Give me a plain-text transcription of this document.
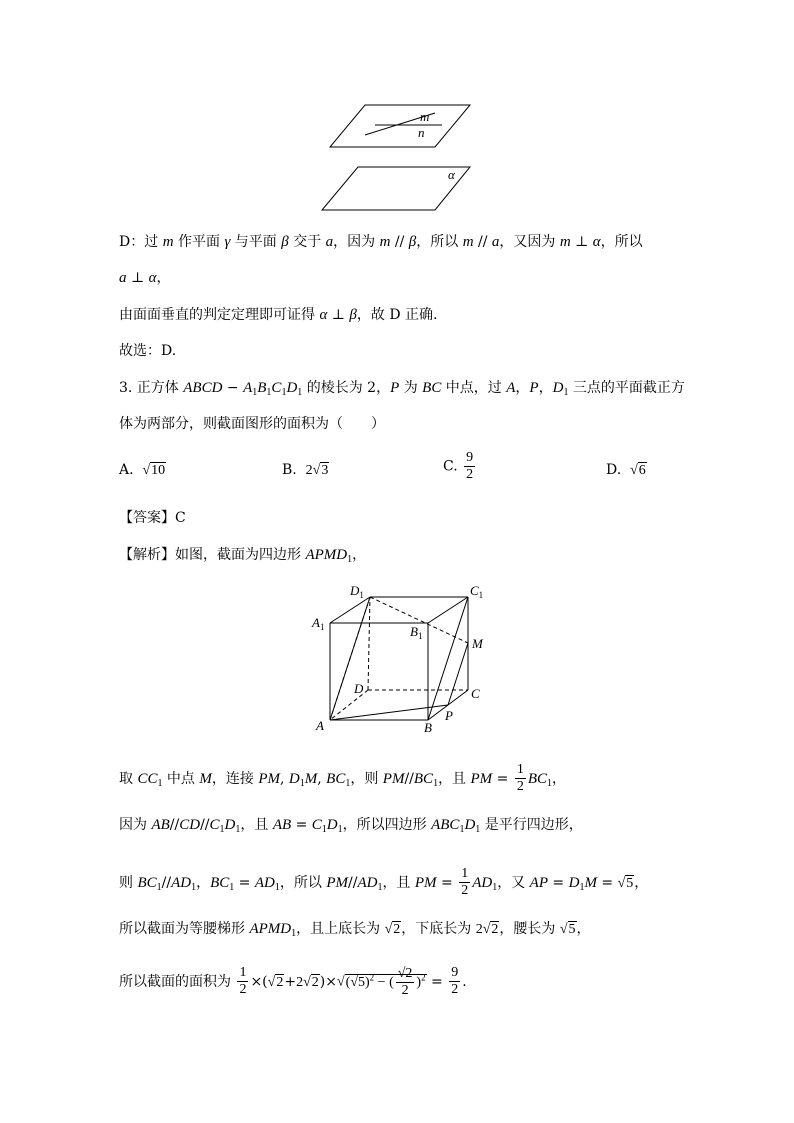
m
n
α
D：过 m 作平面 γ 与平面 β 交于 a，因为 m // β，所以 m // a，又因为 m ⊥ α，所以
a ⊥ α，
由面面垂直的判定定理即可证得 α ⊥ β，故 D 正确.
故选：D.
3. 正方体 ABCD − $A_1B_1C_1D_1$ 的棱长为 2，P 为 BC 中点，过 A，P，$D_1$ 三点的平面截正方
体为两部分，则截面图形的面积为（　　）
A. √10	B. 2√3	C. $\frac{9}{2}$	D. √6
【答案】C
【解析】如图，截面为四边形 $APMD_1$，
$D_1$	$C_1$
$A_1$	$B_1$	M
D	C
P
A	B
取 $CC_1$ 中点 M，连接 PM, $D_1M$, $BC_1$，则 $PM//BC_1$，且 PM = $\frac{1}{2} BC_1$，
因为 $AB//CD//C_1D_1$，且 AB = $C_1D_1$，所以四边形 $ABC_1D_1$ 是平行四边形，
则 $BC_1//AD_1$，$BC_1 = AD_1$，所以 $PM//AD_1$，且 PM = $\frac{1}{2} AD_1$，又 AP = $D_1M = √5$，
所以截面为等腰梯形 $APMD_1$，且上底长为 √2，下底长为 2√2，腰长为 √5，
所以截面的面积为 $\frac{1}{2} \times(√2+2√2)\times√(√5)^2$ − ( $\frac{√2}{2} )^2 = \frac{9}{2}$ .
